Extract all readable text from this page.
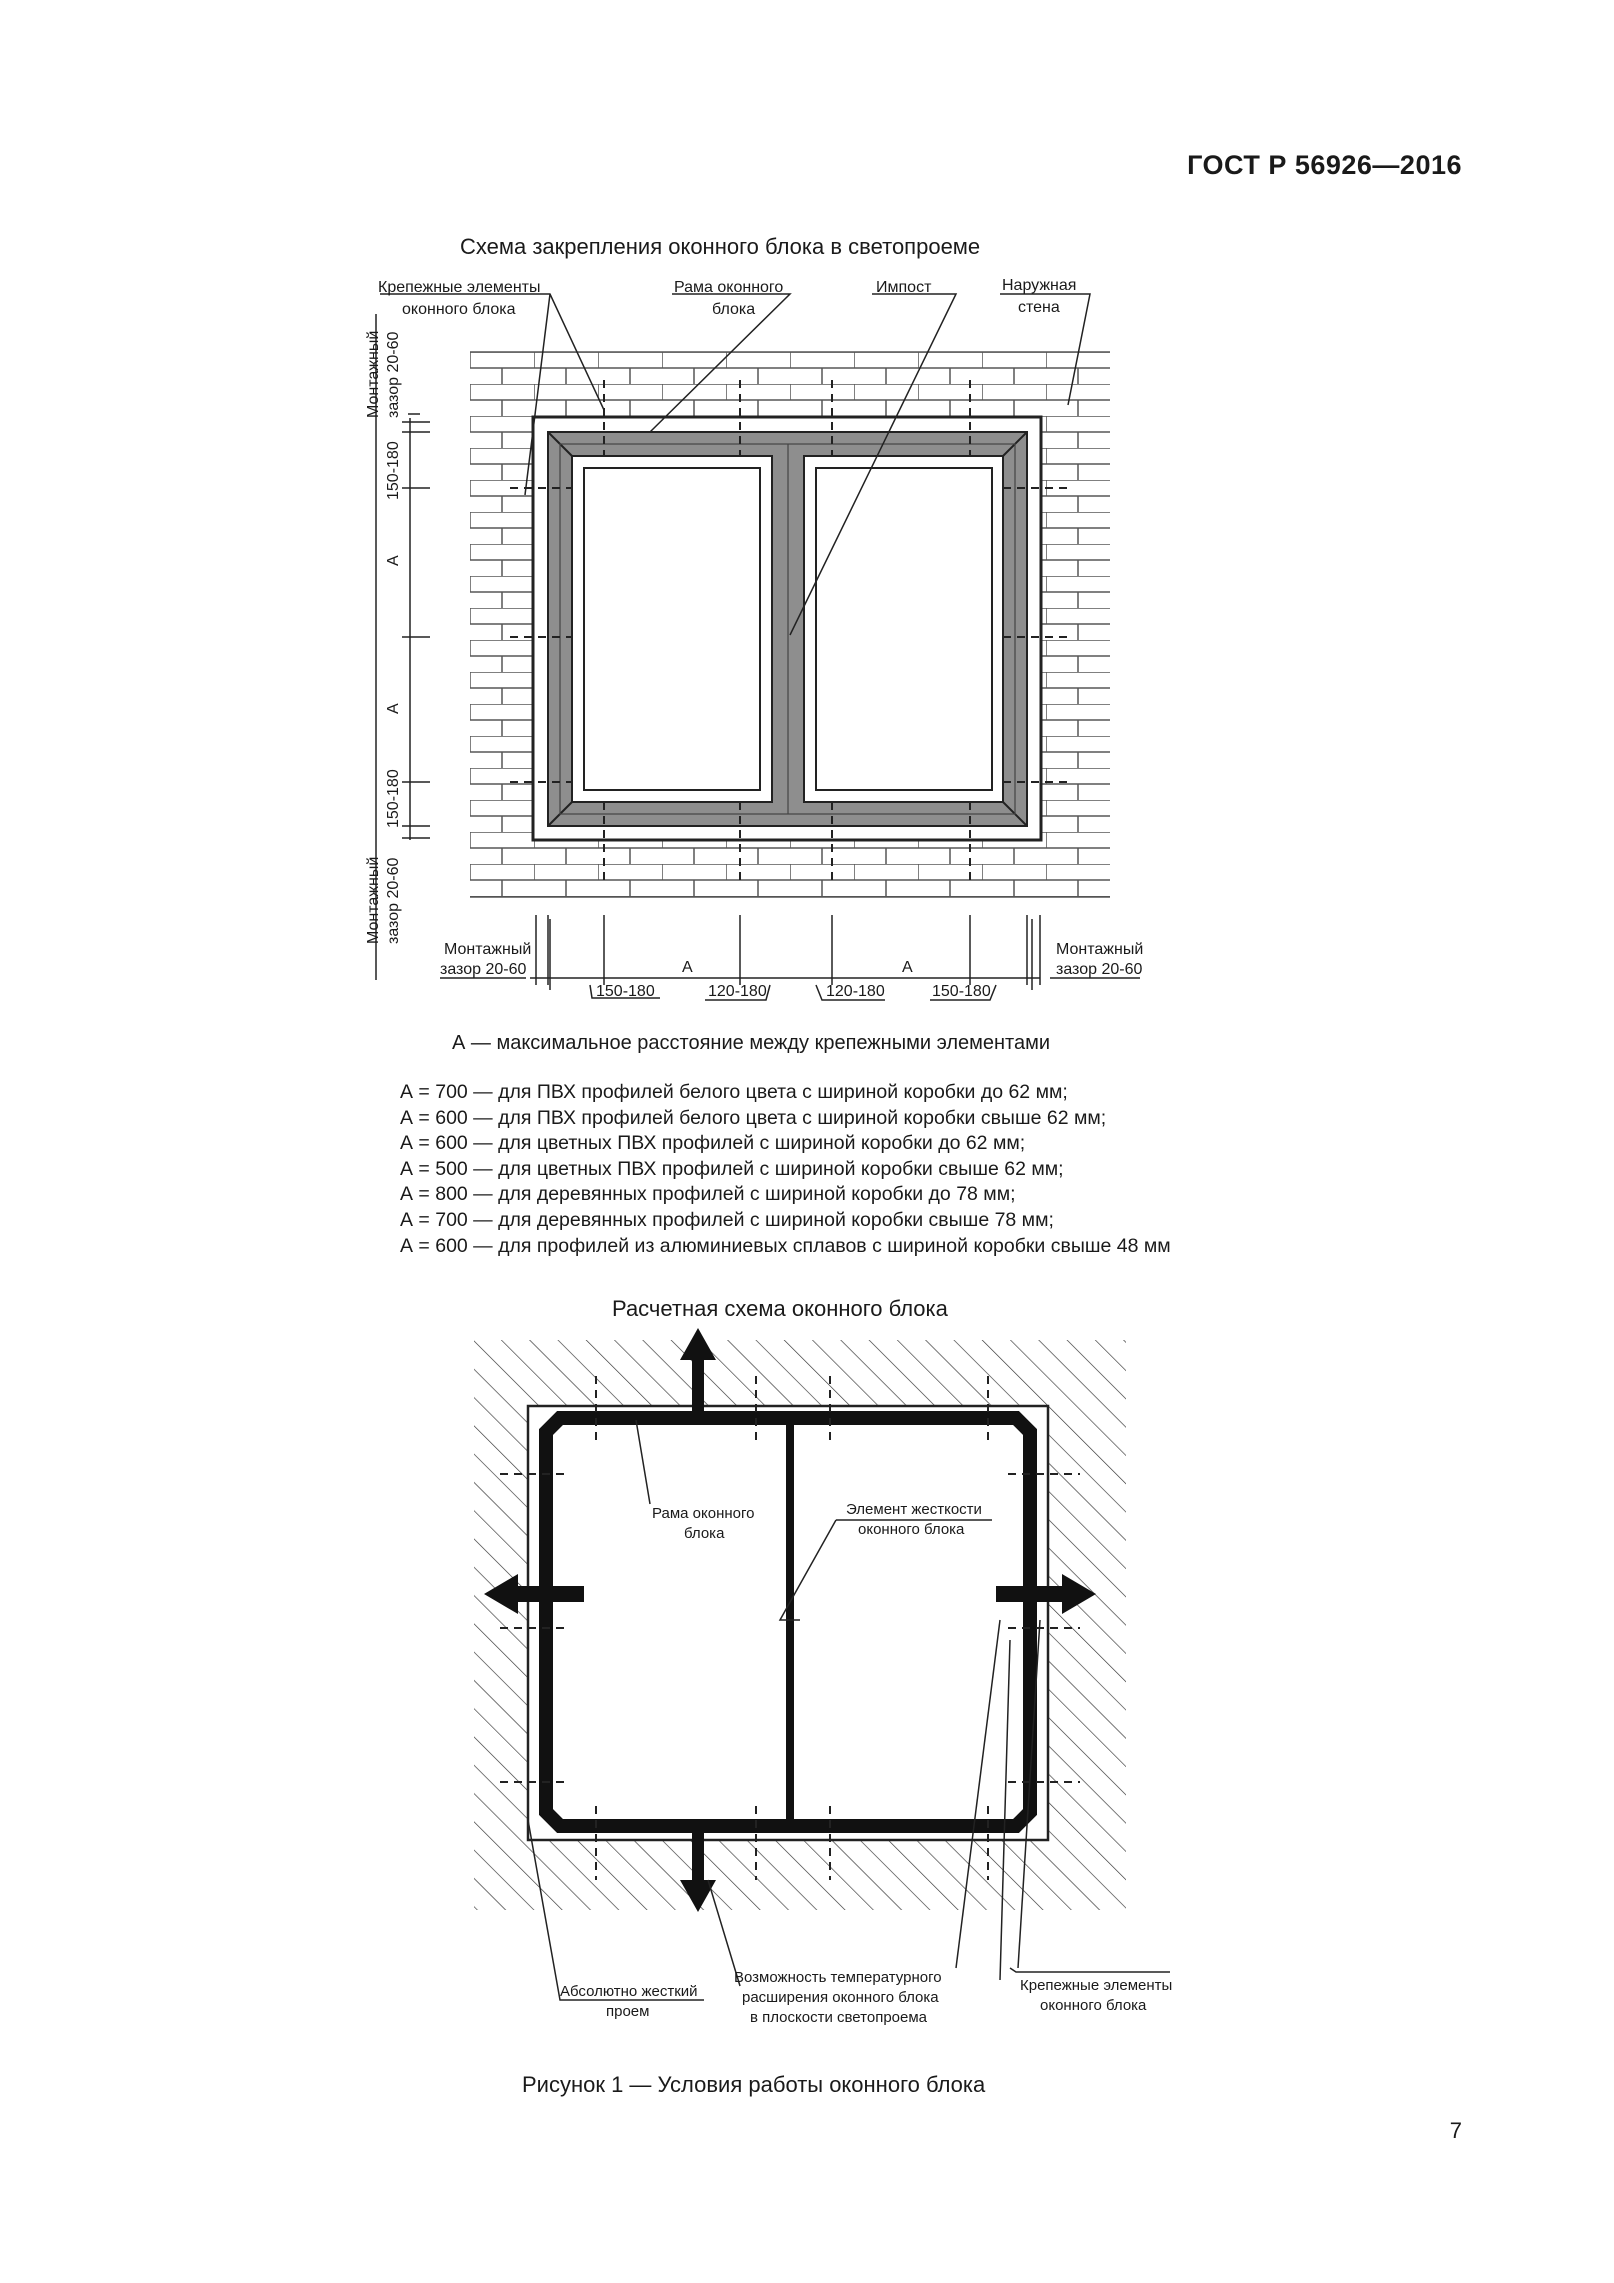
ГОСТ Р 56926—2016
Схема закрепления оконного блока в светопроеме
Крепежные элементы
оконного блока
Рама оконного
блока
Импост	Наружная
стена
Монтажный зазор 20-60
150-180
A
A
150-180
Монтажный зазор 20-60
Монтажный
зазор 20-60
Монтажный
зазор 20-60
A	A
150-180	120-180	120-180	150-180
А — максимальное расстояние между крепежными элементами
А = 700 — для ПВХ профилей белого цвета с шириной коробки до 62 мм;
А = 600 — для ПВХ профилей белого цвета с шириной коробки свыше 62 мм;
А = 600 — для цветных ПВХ профилей с шириной коробки до 62 мм;
А = 500 — для цветных ПВХ профилей с шириной коробки свыше 62 мм;
А = 800 — для деревянных профилей с шириной коробки до 78 мм;
А = 700 — для деревянных профилей с шириной коробки свыше 78 мм;
А = 600 — для профилей из алюминиевых сплавов с шириной коробки свыше 48 мм
Расчетная схема оконного блока
Рама оконного
блока
Элемент жесткости
оконного блока
Абсолютно жесткий
проем
Возможность температурного
расширения оконного блока
в плоскости светопроема
Крепежные элементы
оконного блока
Рисунок 1 — Условия работы оконного блока
7
